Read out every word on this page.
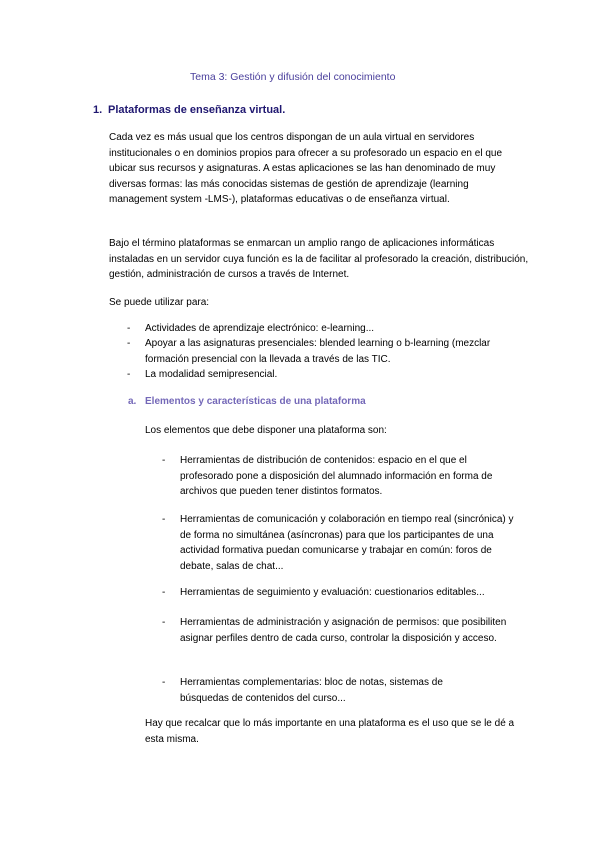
Tema 3: Gestión y difusión del conocimiento
1. Plataformas de enseñanza virtual.

Cada vez es más usual que los centros dispongan de un aula virtual en servidores institucionales o en dominios propios para ofrecer a su profesorado un espacio en el que ubicar sus recursos y asignaturas. A estas aplicaciones se las han denominado de muy diversas formas: las más conocidas sistemas de gestión de aprendizaje (learning management system -LMS-), plataformas educativas o de enseñanza virtual.

Bajo el término plataformas se enmarcan un amplio rango de aplicaciones informáticas instaladas en un servidor cuya función es la de facilitar al profesorado la creación, distribución, gestión, administración de cursos a través de Internet.

Se puede utilizar para:

- Actividades de aprendizaje electrónico: e-learning...

- Apoyar a las asignaturas presenciales: blended learning o b-learning (mezclar formación presencial con la llevada a través de las TIC.

- La modalidad semipresencial.

a. Elementos y características de una plataforma

Los elementos que debe disponer una plataforma son:

- Herramientas de distribución de contenidos: espacio en el que el profesorado pone a disposición del alumnado información en forma de archivos que pueden tener distintos formatos.

- Herramientas de comunicación y colaboración en tiempo real (sincrónica) y de forma no simultánea (asíncronas) para que los participantes de una actividad formativa puedan comunicarse y trabajar en común: foros de debate, salas de chat...

- Herramientas de seguimiento y evaluación: cuestionarios editables...

- Herramientas de administración y asignación de permisos: que posibiliten asignar perfiles dentro de cada curso, controlar la disposición y acceso.

- Herramientas complementarias: bloc de notas, sistemas de búsquedas de contenidos del curso...

Hay que recalcar que lo más importante en una plataforma es el uso que se le dé a esta misma.
